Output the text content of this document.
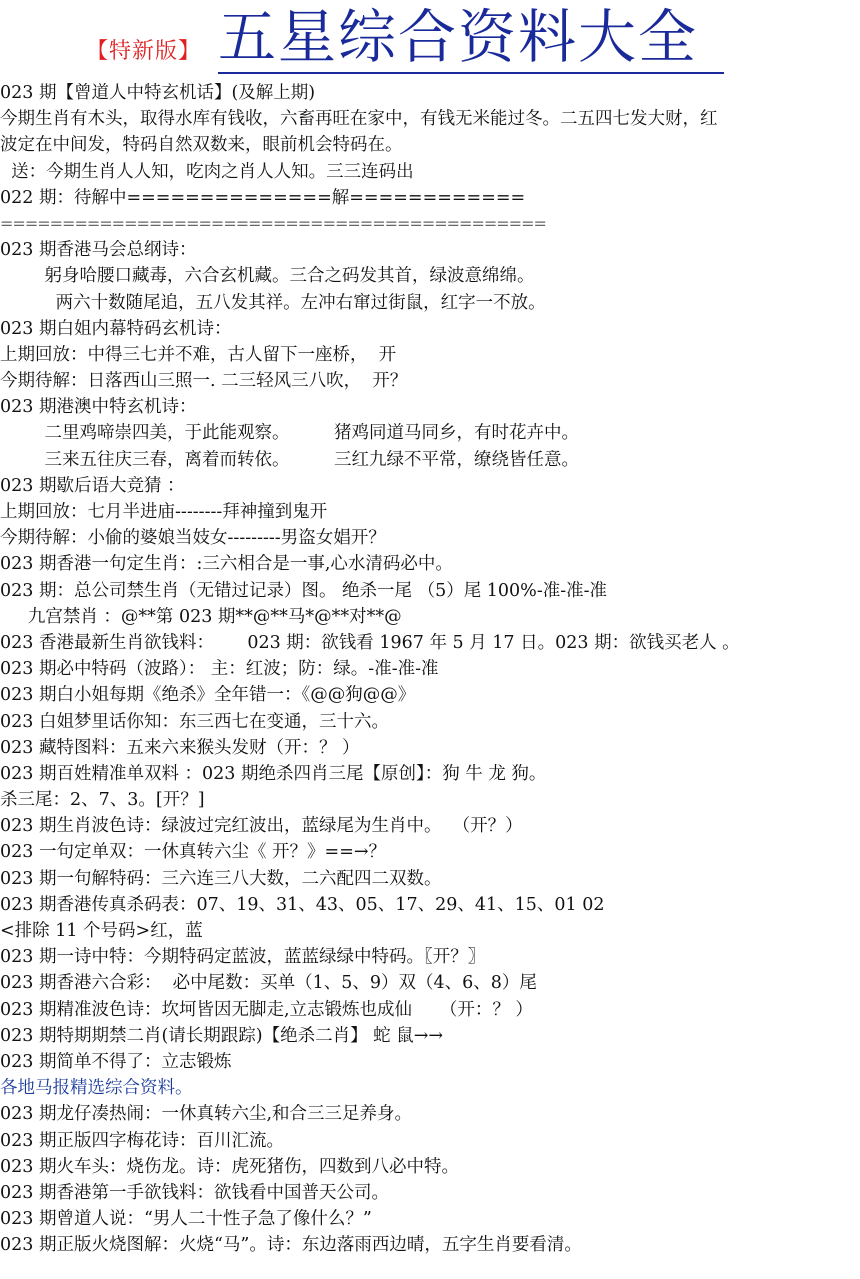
【特新版】 五星综合资料大全
023 期【曾道人中特玄机话】(及解上期)
今期生肖有木头，取得水库有钱收，六畜再旺在家中，有钱无米能过冬。二五四七发大财，红
波定在中间发，特码自然双数来，眼前机会特码在。
送：今期生肖人人知，吃肉之肖人人知。三三连码出
022 期：待解中==============解============
============================================
023 期香港马会总纲诗：
躬身哈腰口藏毒，六合玄机藏。三合之码发其首，绿波意绵绵。
两六十数随尾追，五八发其祥。左冲右窜过街鼠，红字一不放。
023 期白姐内幕特码玄机诗：
上期回放：中得三七并不难，古人留下一座桥，  开
今期待解：日落西山三照一. 二三轻风三八吹，  开？
023 期港澳中特玄机诗：
二里鸡啼崇四美，于此能观察。        猪鸡同道马同乡，有时花卉中。
三来五往庆三春，离着而转依。        三红九绿不平常，缭绕皆任意。
023 期歇后语大竞猜 ：
上期回放：七月半进庙--------拜神撞到鬼开
今期待解：小偷的婆娘当妓女---------男盗女娼开？
023 期香港一句定生肖：:三六相合是一事,心水清码必中。
023 期：总公司禁生肖（无错过记录）图。 绝杀一尾 （5）尾 100%-准-准-准
九宫禁肖 ：@**第 023 期**@**马*@**对**@
023 香港最新生肖欲钱料：      023 期：欲钱看 1967 年 5 月 17 日。023 期：欲钱买老人 。
023 期必中特码（波路）： 主：红波；防：绿。-准-准-准
023 期白小姐每期《绝杀》全年错一：《@@狗@@》
023 白姐梦里话你知：东三西七在变通，三十六。
023 藏特图料：五来六来猴头发财（开：？ ）
023 期百姓精准单双料 ：023 期绝杀四肖三尾【原创】：狗 牛 龙 狗。
杀三尾：2、7、3。[开？]
023 期生肖波色诗：绿波过完红波出，蓝绿尾为生肖中。  （开？）
023 一句定单双：一休真转六尘《 开？》==→？
023 期一句解特码：三六连三八大数，二六配四二双数。
023 期香港传真杀码表：07、19、31、43、05、17、29、41、15、01 02
<排除 11 个号码>红，蓝
023 期一诗中特：今期特码定蓝波，蓝蓝绿绿中特码。〖开？〗
023 期香港六合彩：  必中尾数：买单（1、5、9）双（4、6、8）尾
023 期精准波色诗：坎坷皆因无脚走,立志锻炼也成仙     （开：？ ）
023 期特期期禁二肖(请长期跟踪)【绝杀二肖】 蛇 鼠→→
023 期简单不得了：立志锻炼
各地马报精选综合资料。
023 期龙仔凑热闹：一休真转六尘,和合三三足养身。
023 期正版四字梅花诗：百川汇流。
023 期火车头：烧伤龙。诗：虎死猪伤，四数到八必中特。
023 期香港第一手欲钱料：欲钱看中国普天公司。
023 期曾道人说：“男人二十性子急了像什么？”
023 期正版火烧图解：火烧“马”。诗：东边落雨西边晴，五字生肖要看清。
